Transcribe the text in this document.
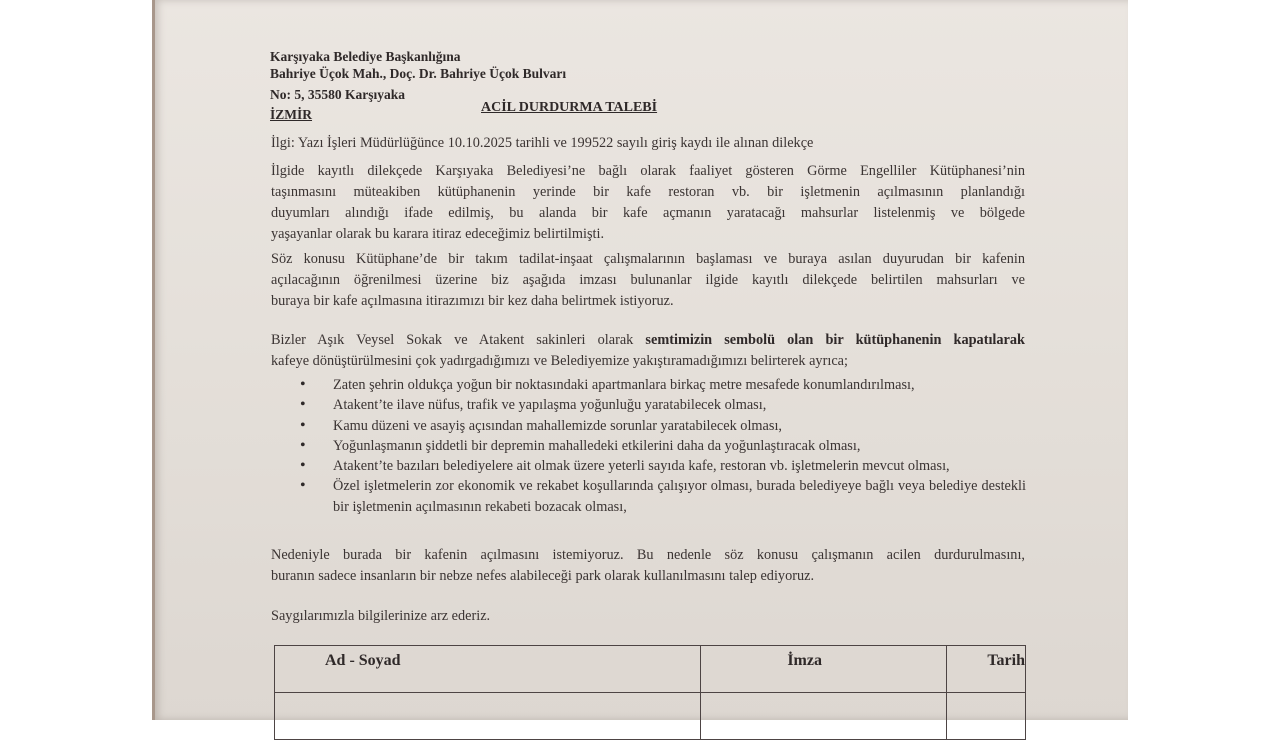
Karşıyaka Belediye Başkanlığına
Bahriye Üçok Mah., Doç. Dr. Bahriye Üçok Bulvarı
No: 5, 35580 Karşıyaka
İZMİR	ACİL DURDURMA TALEBİ
İlgi: Yazı İşleri Müdürlüğünce 10.10.2025 tarihli ve 199522 sayılı giriş kaydı ile alınan dilekçe
İlgide kayıtlı dilekçede Karşıyaka Belediyesi’ne bağlı olarak faaliyet gösteren Görme Engelliler Kütüphanesi’nin
taşınmasını müteakiben kütüphanenin yerinde bir kafe restoran vb. bir işletmenin açılmasının planlandığı
duyumları alındığı ifade edilmiş, bu alanda bir kafe açmanın yaratacağı mahsurlar listelenmiş ve bölgede
yaşayanlar olarak bu karara itiraz edeceğimiz belirtilmişti.
Söz konusu Kütüphane’de bir takım tadilat-inşaat çalışmalarının başlaması ve buraya asılan duyurudan bir kafenin
açılacağının öğrenilmesi üzerine biz aşağıda imzası bulunanlar ilgide kayıtlı dilekçede belirtilen mahsurları ve
buraya bir kafe açılmasına itirazımızı bir kez daha belirtmek istiyoruz.
Bizler Aşık Veysel Sokak ve Atakent sakinleri olarak semtimizin sembolü olan bir kütüphanenin kapatılarak
kafeye dönüştürülmesini çok yadırgadığımızı ve Belediyemize yakıştıramadığımızı belirterek ayrıca;
• Zaten şehrin oldukça yoğun bir noktasındaki apartmanlara birkaç metre mesafede konumlandırılması,
• Atakent’te ilave nüfus, trafik ve yapılaşma yoğunluğu yaratabilecek olması,
• Kamu düzeni ve asayiş açısından mahallemizde sorunlar yaratabilecek olması,
• Yoğunlaşmanın şiddetli bir depremin mahalledeki etkilerini daha da yoğunlaştıracak olması,
• Atakent’te bazıları belediyelere ait olmak üzere yeterli sayıda kafe, restoran vb. işletmelerin mevcut olması,
• Özel işletmelerin zor ekonomik ve rekabet koşullarında çalışıyor olması, burada belediyeye bağlı veya belediye destekli bir işletmenin açılmasının rekabeti bozacak olması,
Nedeniyle burada bir kafenin açılmasını istemiyoruz. Bu nedenle söz konusu çalışmanın acilen durdurulmasını,
buranın sadece insanların bir nebze nefes alabileceği park olarak kullanılmasını talep ediyoruz.
Saygılarımızla bilgilerinize arz ederiz.
Ad - Soyad	İmza	Tarih
